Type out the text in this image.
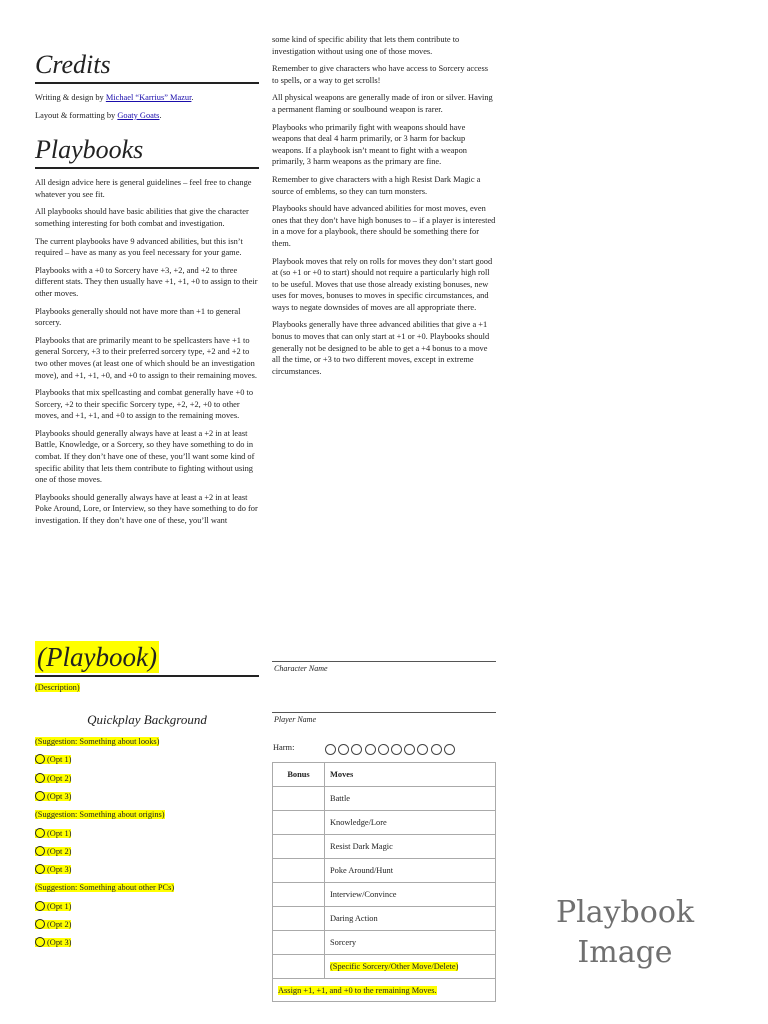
Credits

Writing & design by Michael “Karrius” Mazur.

Layout & formatting by Goaty Goats.

Playbooks

All design advice here is general guidelines – feel free to change whatever you see fit.

All playbooks should have basic abilities that give the character something interesting for both combat and investigation.

The current playbooks have 9 advanced abilities, but this isn’t required – have as many as you feel necessary for your game.

Playbooks with a +0 to Sorcery have +3, +2, and +2 to three different stats. They then usually have +1, +1, +0 to assign to their other moves.

Playbooks generally should not have more than +1 to general sorcery.

Playbooks that are primarily meant to be spellcasters have +1 to general Sorcery, +3 to their preferred sorcery type, +2 and +2 to two other moves (at least one of which should be an investigation move), and +1, +1, +0, and +0 to assign to their remaining moves.

Playbooks that mix spellcasting and combat generally have +0 to Sorcery, +2 to their specific Sorcery type, +2, +2, +0 to other moves, and +1, +1, and +0 to assign to the remaining moves.

Playbooks should generally always have at least a +2 in at least Battle, Knowledge, or a Sorcery, so they have something to do in combat. If they don’t have one of these, you’ll want some kind of specific ability that lets them contribute to fighting without using one of those moves.

Playbooks should generally always have at least a +2 in at least Poke Around, Lore, or Interview, so they have something to do for investigation. If they don’t have one of these, you’ll want

some kind of specific ability that lets them contribute to investigation without using one of those moves.

Remember to give characters who have access to Sorcery access to spells, or a way to get scrolls!

All physical weapons are generally made of iron or silver. Having a permanent flaming or soulbound weapon is rarer.

Playbooks who primarily fight with weapons should have weapons that deal 4 harm primarily, or 3 harm for backup weapons. If a playbook isn’t meant to fight with a weapon primarily, 3 harm weapons as the primary are fine.

Remember to give characters with a high Resist Dark Magic a source of emblems, so they can turn monsters.

Playbooks should have advanced abilities for most moves, even ones that they don’t have high bonuses to – if a player is interested in a move for a playbook, there should be something there for them.

Playbook moves that rely on rolls for moves they don’t start good at (so +1 or +0 to start) should not require a particularly high roll to be useful. Moves that use those already existing bonuses, new uses for moves, bonuses to moves in specific circumstances, and ways to negate downsides of moves are all appropriate there.

Playbooks generally have three advanced abilities that give a +1 bonus to moves that can only start at +1 or +0. Playbooks should generally not be designed to be able to get a +4 bonus to a move all the time, or +3 to two different moves, except in extreme circumstances.

(Playbook)
(Description)
Quickplay Background
(Suggestion: Something about looks)
(Opt 1)
(Opt 2)
(Opt 3)
(Suggestion: Something about origins)
(Opt 1)
(Opt 2)
(Opt 3)
(Suggestion: Something about other PCs)
(Opt 1)
(Opt 2)
(Opt 3)
Character Name
Player Name
Harm:
Bonus	Moves
	Battle
	Knowledge/Lore
	Resist Dark Magic
	Poke Around/Hunt
	Interview/Convince
	Daring Action
	Sorcery
	(Specific Sorcery/Other Move/Delete)
Assign +1, +1, and +0 to the remaining Moves.	
Playbook
Image
